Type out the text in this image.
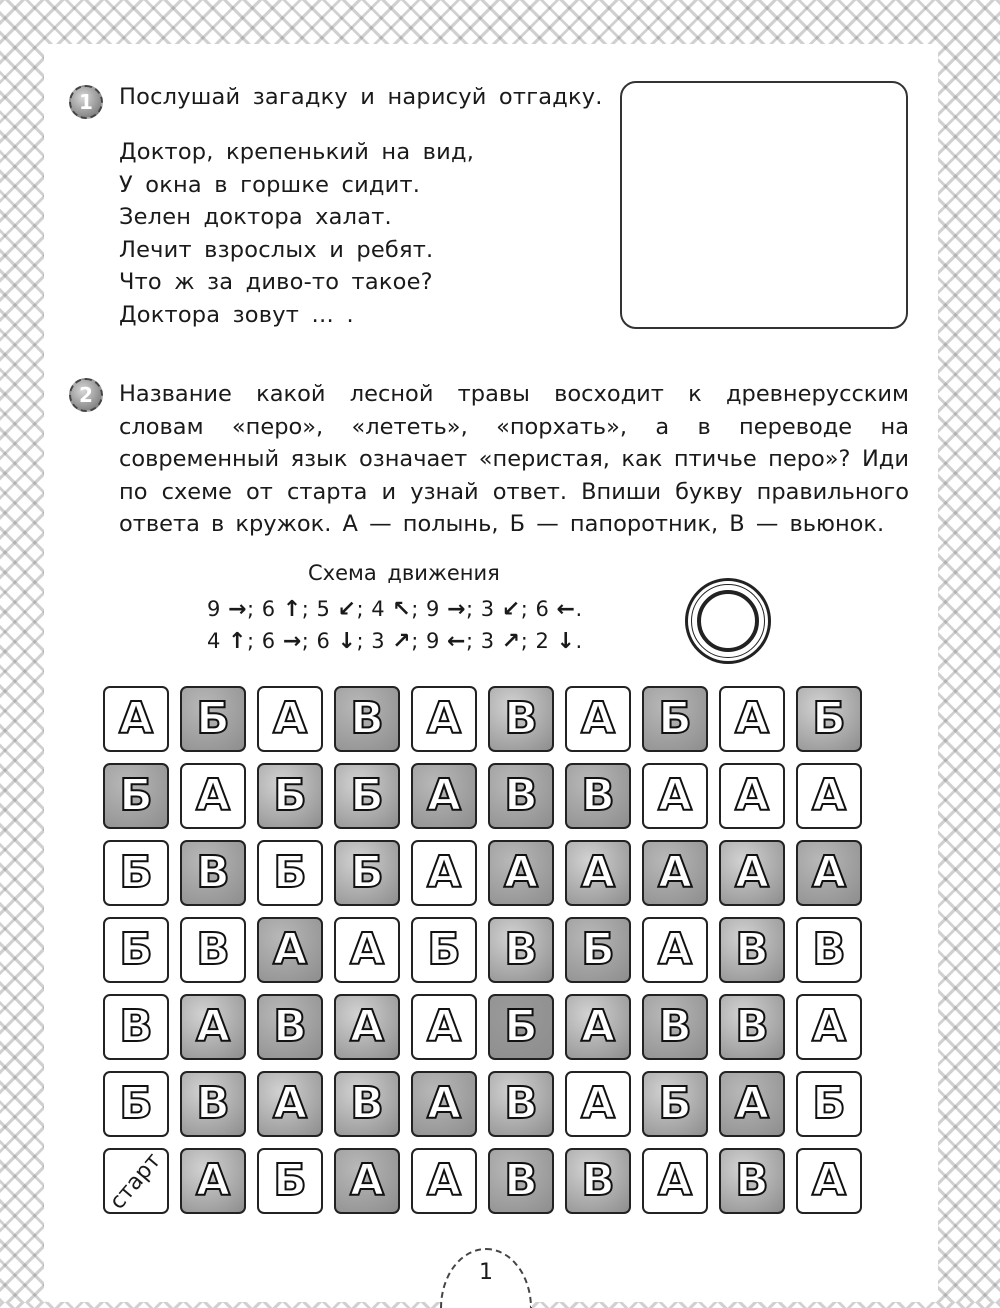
1	Послушай загадку и нарисуй отгадку.
Доктор, крепенький на вид,
У окна в горшке сидит.
Зелен доктора халат.
Лечит взрослых и ребят.
Что ж за диво-то такое?
Доктора зовут … .
2	Название какой лесной травы восходит к древнерусским словам «перо», «лететь», «порхать», а в переводе на современный язык означает «перистая, как птичье перо»? Иди по схеме от старта и узнай ответ. Впиши букву правильного ответа в кружок. А — полынь, Б — папоротник, В — вьюнок.
Схема движения
9 →; 6 ↑; 5 ↙; 4 ↖; 9 →; 3 ↙; 6 ←.
4 ↑; 6 →; 6 ↓; 3 ↗; 9 ←; 3 ↗; 2 ↓.
А Б А В А В А Б А Б
Б А Б Б А В В А А А
Б В Б Б А А А А А А
Б В А А Б В Б А В В
В А В А А Б А В В А
Б В А В А В А Б А Б
старт А Б А А В В А В А
1
